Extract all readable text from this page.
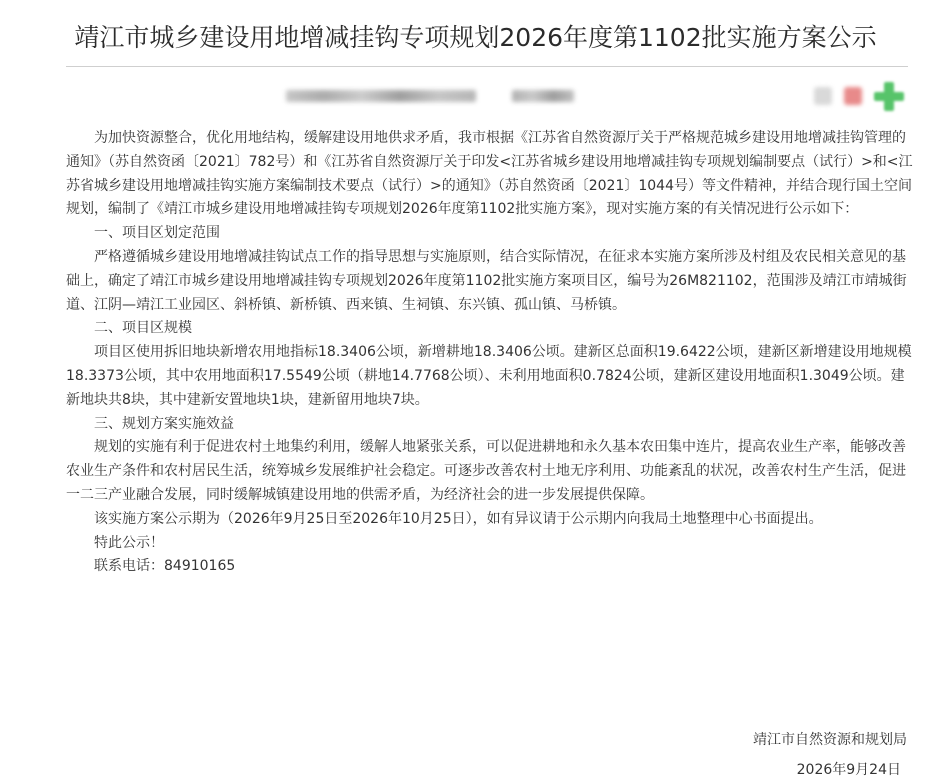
靖江市城乡建设用地增减挂钩专项规划2026年度第1102批实施方案公示

为加快资源整合，优化用地结构，缓解建设用地供求矛盾，我市根据《江苏省自然资源厅关于严格规范城乡建设用地增减挂钩管理的通知》（苏自然资函〔2021〕782号）和《江苏省自然资源厅关于印发<江苏省城乡建设用地增减挂钩专项规划编制要点（试行）>和<江苏省城乡建设用地增减挂钩实施方案编制技术要点（试行）>的通知》（苏自然资函〔2021〕1044号）等文件精神，并结合现行国土空间规划，编制了《靖江市城乡建设用地增减挂钩专项规划2026年度第1102批实施方案》，现对实施方案的有关情况进行公示如下：

一、项目区划定范围

严格遵循城乡建设用地增减挂钩试点工作的指导思想与实施原则，结合实际情况，在征求本实施方案所涉及村组及农民相关意见的基础上，确定了靖江市城乡建设用地增减挂钩专项规划2026年度第1102批实施方案项目区，编号为26M821102，范围涉及靖江市靖城街道、江阴—靖江工业园区、斜桥镇、新桥镇、西来镇、生祠镇、东兴镇、孤山镇、马桥镇。

二、项目区规模

项目区使用拆旧地块新增农用地指标18.3406公顷，新增耕地18.3406公顷。建新区总面积19.6422公顷，建新区新增建设用地规模18.3373公顷，其中农用地面积17.5549公顷（耕地14.7768公顷）、未利用地面积0.7824公顷，建新区建设用地面积1.3049公顷。建新地块共8块，其中建新安置地块1块，建新留用地块7块。

三、规划方案实施效益

规划的实施有利于促进农村土地集约利用，缓解人地紧张关系，可以促进耕地和永久基本农田集中连片，提高农业生产率，能够改善农业生产条件和农村居民生活，统筹城乡发展维护社会稳定。可逐步改善农村土地无序利用、功能紊乱的状况，改善农村生产生活，促进一二三产业融合发展，同时缓解城镇建设用地的供需矛盾，为经济社会的进一步发展提供保障。

该实施方案公示期为（2026年9月25日至2026年10月25日），如有异议请于公示期内向我局土地整理中心书面提出。

特此公示！

联系电话：84910165

靖江市自然资源和规划局
2026年9月24日
